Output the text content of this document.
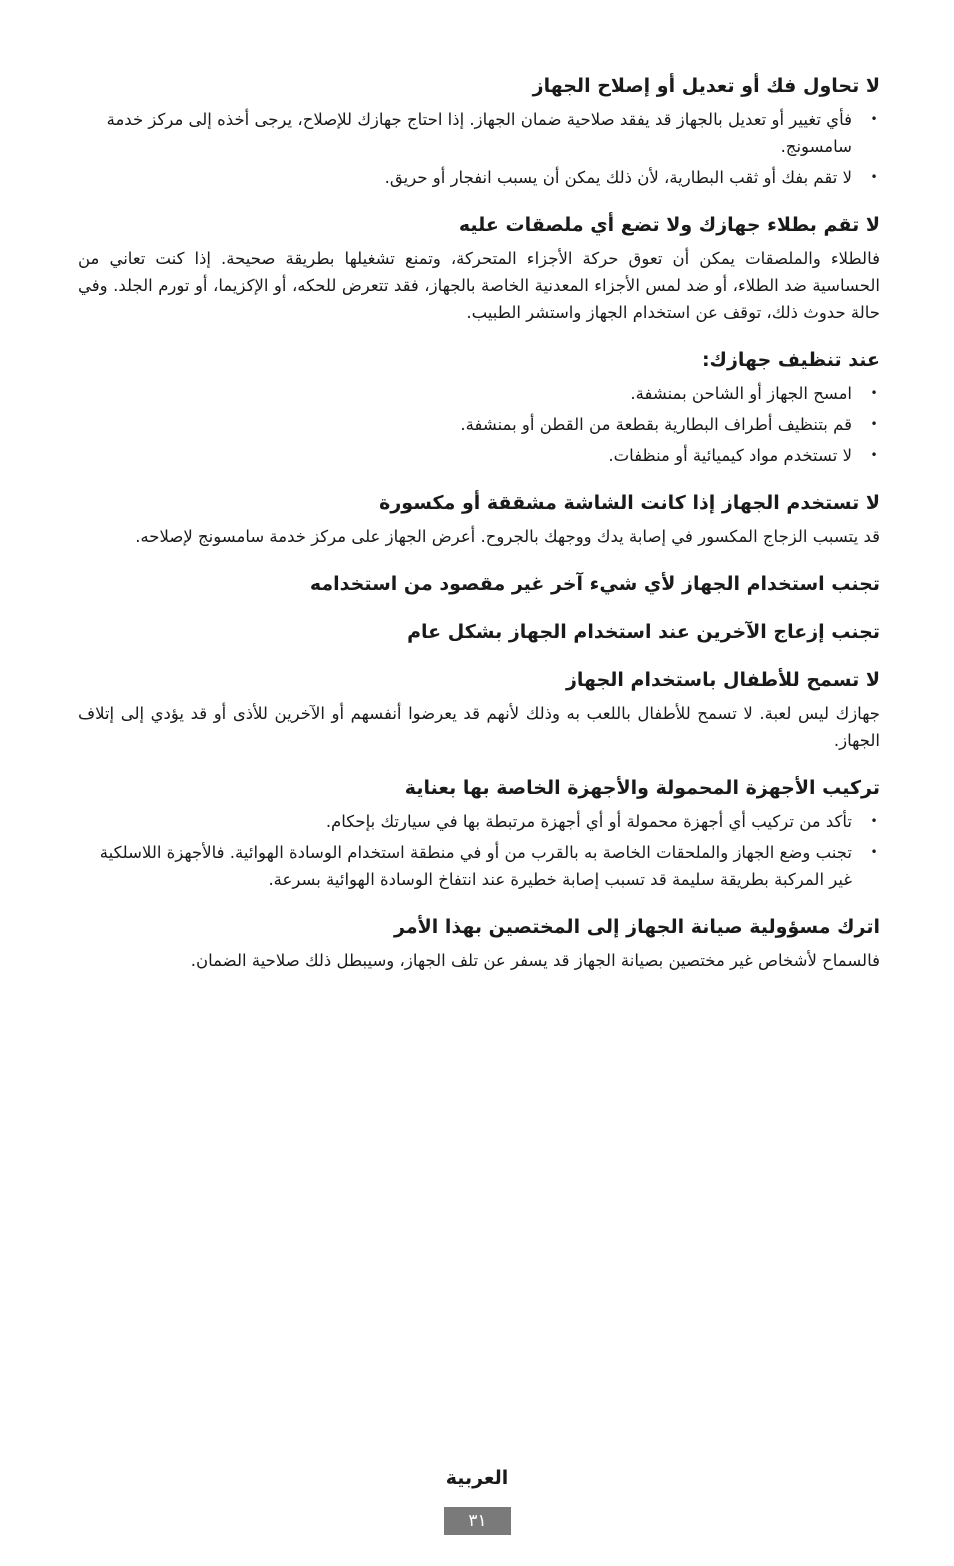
لا تحاول فك أو تعديل أو إصلاح الجهاز
•
فأي تغيير أو تعديل بالجهاز قد يفقد صلاحية ضمان الجهاز. إذا احتاج جهازك للإصلاح، يرجى أخذه إلى مركز خدمة سامسونج.
•
لا تقم بفك أو ثقب البطارية، لأن ذلك يمكن أن يسبب انفجار أو حريق.
لا تقم بطلاء جهازك ولا تضع أي ملصقات عليه

فالطلاء والملصقات يمكن أن تعوق حركة الأجزاء المتحركة، وتمنع تشغيلها بطريقة صحيحة. إذا كنت تعاني من الحساسية ضد الطلاء، أو ضد لمس الأجزاء المعدنية الخاصة بالجهاز، فقد تتعرض للحكه، أو الإكزيما، أو تورم الجلد. وفي حالة حدوث ذلك، توقف عن استخدام الجهاز واستشر الطبيب.

عند تنظيف جهازك:
•
امسح الجهاز أو الشاحن بمنشفة.
•
قم بتنظيف أطراف البطارية بقطعة من القطن أو بمنشفة.
•
لا تستخدم مواد كيميائية أو منظفات.
لا تستخدم الجهاز إذا كانت الشاشة مشققة أو مكسورة

قد يتسبب الزجاج المكسور في إصابة يدك ووجهك بالجروح. أعرض الجهاز على مركز خدمة سامسونج لإصلاحه.

تجنب استخدام الجهاز لأي شيء آخر غير مقصود من استخدامه
تجنب إزعاج الآخرين عند استخدام الجهاز بشكل عام
لا تسمح للأطفال باستخدام الجهاز

جهازك ليس لعبة. لا تسمح للأطفال باللعب به وذلك لأنهم قد يعرضوا أنفسهم أو الآخرين للأذى أو قد يؤدي إلى إتلاف الجهاز.

تركيب الأجهزة المحمولة والأجهزة الخاصة بها بعناية
•
تأكد من تركيب أي أجهزة محمولة أو أي أجهزة مرتبطة بها في سيارتك بإحكام.
•
تجنب وضع الجهاز والملحقات الخاصة به بالقرب من أو في منطقة استخدام الوسادة الهوائية. فالأجهزة اللاسلكية غير المركبة بطريقة سليمة قد تسبب إصابة خطيرة عند انتفاخ الوسادة الهوائية بسرعة.
اترك مسؤولية صيانة الجهاز إلى المختصين بهذا الأمر

فالسماح لأشخاص غير مختصين بصيانة الجهاز قد يسفر عن تلف الجهاز، وسيبطل ذلك صلاحية الضمان.

العربية
٣١
